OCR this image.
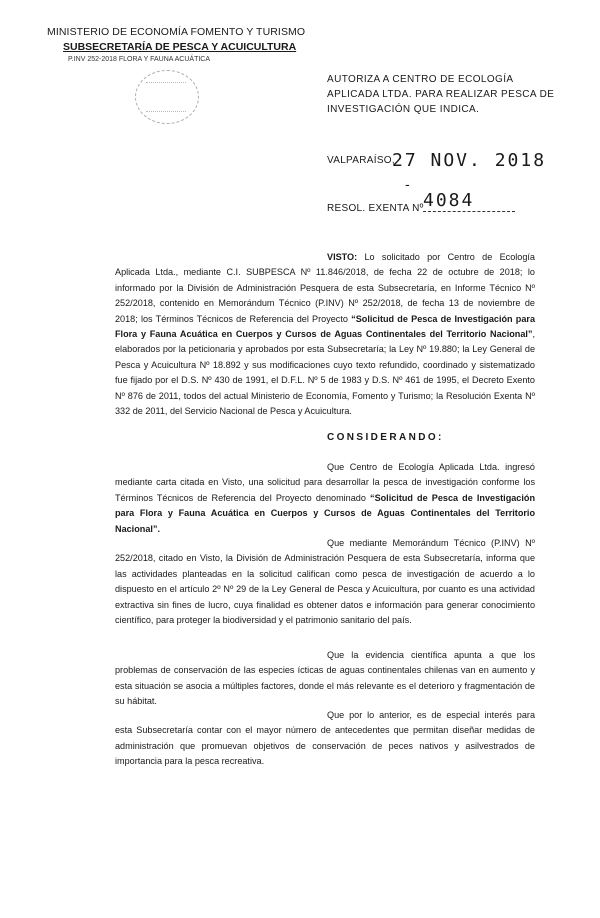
MINISTERIO DE ECONOMÍA FOMENTO Y TURISMO
SUBSECRETARÍA DE PESCA Y ACUICULTURA
P.INV 252-2018 FLORA Y FAUNA ACUÁTICA
AUTORIZA A CENTRO DE ECOLOGÍA APLICADA LTDA. PARA REALIZAR PESCA DE INVESTIGACIÓN QUE INDICA.
VALPARAÍSO,
27 NOV. 2018
-
RESOL. EXENTA Nº 4084
VISTO: Lo solicitado por Centro de Ecología Aplicada Ltda., mediante C.I. SUBPESCA Nº 11.846/2018, de fecha 22 de octubre de 2018; lo informado por la División de Administración Pesquera de esta Subsecretaría, en Informe Técnico Nº 252/2018, contenido en Memorándum Técnico (P.INV) Nº 252/2018, de fecha 13 de noviembre de 2018; los Términos Técnicos de Referencia del Proyecto “Solicitud de Pesca de Investigación para Flora y Fauna Acuática en Cuerpos y Cursos de Aguas Continentales del Territorio Nacional”, elaborados por la peticionaria y aprobados por esta Subsecretaría; la Ley Nº 19.880; la Ley General de Pesca y Acuicultura Nº 18.892 y sus modificaciones cuyo texto refundido, coordinado y sistematizado fue fijado por el D.S. Nº 430 de 1991, el D.F.L. Nº 5 de 1983 y D.S. Nº 461 de 1995, el Decreto Exento Nº 876 de 2011, todos del actual Ministerio de Economía, Fomento y Turismo; la Resolución Exenta Nº 332 de 2011, del Servicio Nacional de Pesca y Acuicultura.
CONSIDERANDO:
Que Centro de Ecología Aplicada Ltda. ingresó mediante carta citada en Visto, una solicitud para desarrollar la pesca de investigación conforme los Términos Técnicos de Referencia del Proyecto denominado “Solicitud de Pesca de Investigación para Flora y Fauna Acuática en Cuerpos y Cursos de Aguas Continentales del Territorio Nacional”.
Que mediante Memorándum Técnico (P.INV) Nº 252/2018, citado en Visto, la División de Administración Pesquera de esta Subsecretaría, informa que las actividades planteadas en la solicitud califican como pesca de investigación de acuerdo a lo dispuesto en el artículo 2º Nº 29 de la Ley General de Pesca y Acuicultura, por cuanto es una actividad extractiva sin fines de lucro, cuya finalidad es obtener datos e información para generar conocimiento científico, para proteger la biodiversidad y el patrimonio sanitario del país.
Que la evidencia científica apunta a que los problemas de conservación de las especies ícticas de aguas continentales chilenas van en aumento y esta situación se asocia a múltiples factores, donde el más relevante es el deterioro y fragmentación de su hábitat.
Que por lo anterior, es de especial interés para esta Subsecretaría contar con el mayor número de antecedentes que permitan diseñar medidas de administración que promuevan objetivos de conservación de peces nativos y asilvestrados de importancia para la pesca recreativa.
